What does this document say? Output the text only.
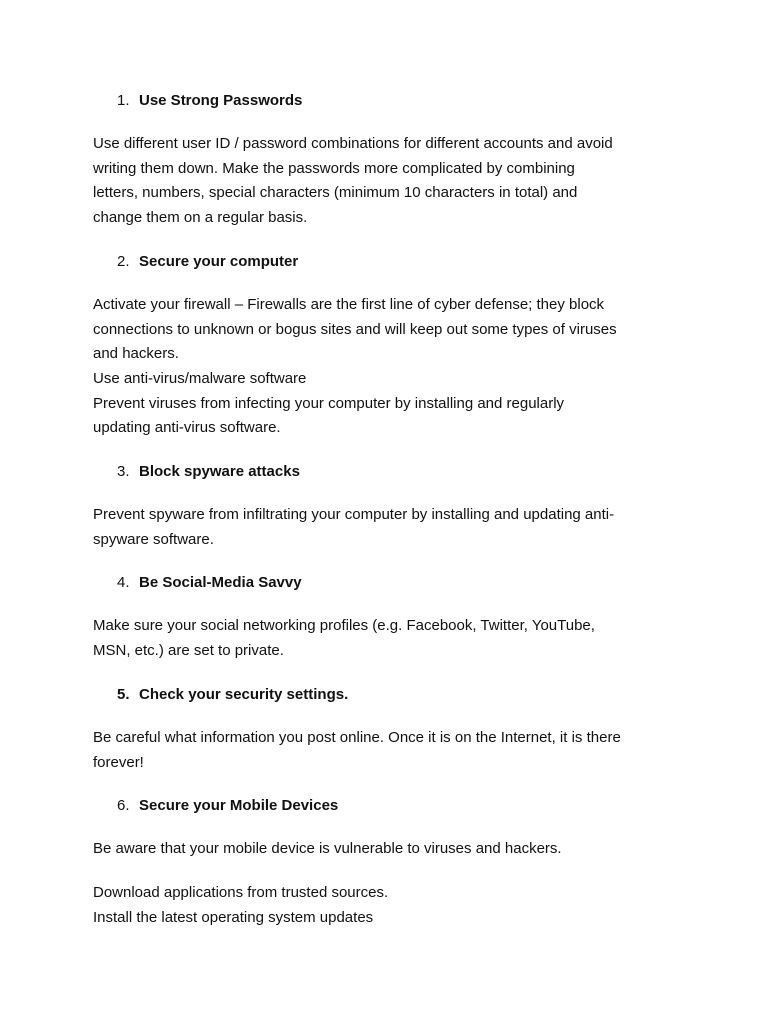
1. Use Strong Passwords
Use different user ID / password combinations for different accounts and avoid
writing them down. Make the passwords more complicated by combining
letters, numbers, special characters (minimum 10 characters in total) and
change them on a regular basis.
2. Secure your computer
Activate your firewall – Firewalls are the first line of cyber defense; they block
connections to unknown or bogus sites and will keep out some types of viruses
and hackers.
Use anti-virus/malware software
Prevent viruses from infecting your computer by installing and regularly
updating anti-virus software.
3. Block spyware attacks
Prevent spyware from infiltrating your computer by installing and updating anti-
spyware software.
4. Be Social-Media Savvy
Make sure your social networking profiles (e.g. Facebook, Twitter, YouTube,
MSN, etc.) are set to private.
5. Check your security settings.
Be careful what information you post online. Once it is on the Internet, it is there
forever!
6. Secure your Mobile Devices
Be aware that your mobile device is vulnerable to viruses and hackers.
Download applications from trusted sources.
Install the latest operating system updates
